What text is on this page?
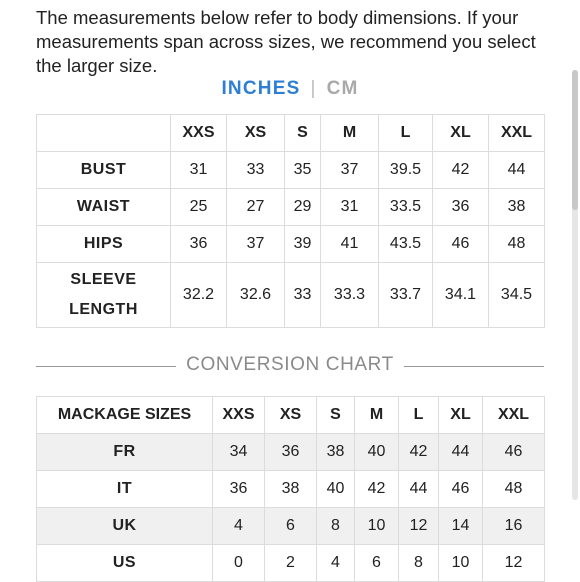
The measurements below refer to body dimensions. If your measurements span across sizes, we recommend you select the larger size.

INCHES | CM
	XXS	XS	S	M	L	XL	XXL
BUST	31	33	35	37	39.5	42	44
WAIST	25	27	29	31	33.5	36	38
HIPS	36	37	39	41	43.5	46	48

SLEEVE
LENGTH	32.2	32.6	33	33.3	33.7	34.1	34.5
CONVERSION CHART
MACKAGE SIZES	XXS	XS	S	M	L	XL	XXL
FR	34	36	38	40	42	44	46
IT	36	38	40	42	44	46	48
UK	4	6	8	10	12	14	16
US	0	2	4	6	8	10	12
